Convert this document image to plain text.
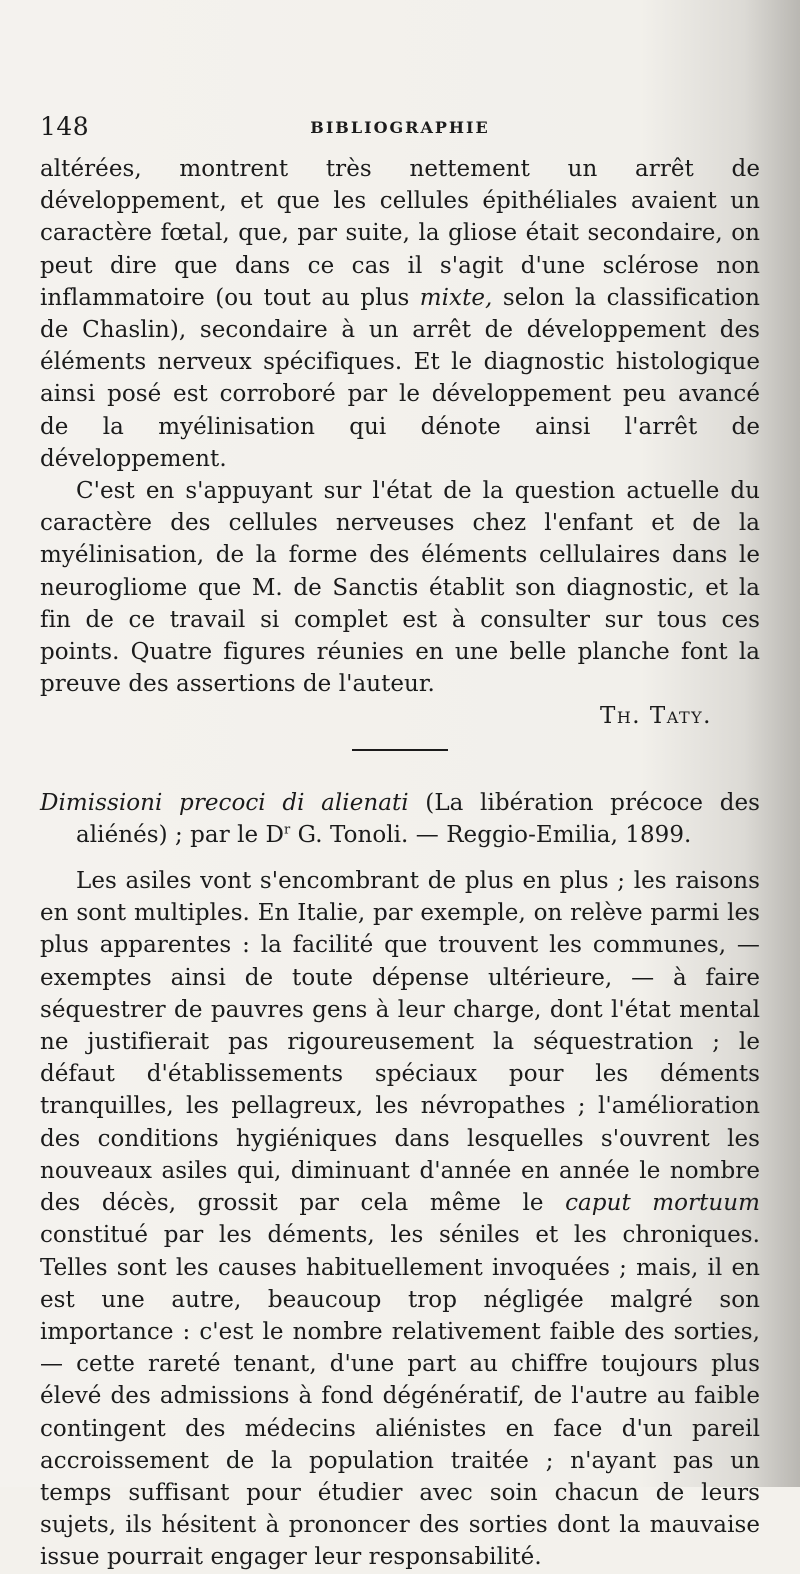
148	BIBLIOGRAPHIE

altérées, montrent très nettement un arrêt de développement, et que les cellules épithéliales avaient un caractère fœtal, que, par suite, la gliose était secondaire, on peut dire que dans ce cas il s'agit d'une sclérose non inflammatoire (ou tout au plus mixte, selon la classification de Chaslin), secondaire à un arrêt de développement des éléments nerveux spécifiques. Et le diagnostic histologique ainsi posé est corroboré par le développement peu avancé de la myélinisation qui dénote ainsi l'arrêt de développement.

C'est en s'appuyant sur l'état de la question actuelle du caractère des cellules nerveuses chez l'enfant et de la myélinisation, de la forme des éléments cellulaires dans le neurogliome que M. de Sanctis établit son diagnostic, et la fin de ce travail si complet est à consulter sur tous ces points. Quatre figures réunies en une belle planche font la preuve des assertions de l'auteur.

Th. Taty.

Dimissioni precoci di alienati (La libération précoce des aliénés) ; par le $D^r$ G. Tonoli. — Reggio-Emilia, 1899.

Les asiles vont s'encombrant de plus en plus ; les raisons en sont multiples. En Italie, par exemple, on relève parmi les plus apparentes : la facilité que trouvent les communes, — exemptes ainsi de toute dépense ultérieure, — à faire séquestrer de pauvres gens à leur charge, dont l'état mental ne justifierait pas rigoureusement la séquestration ; le défaut d'établissements spéciaux pour les déments tranquilles, les pellagreux, les névropathes ; l'amélioration des conditions hygiéniques dans lesquelles s'ouvrent les nouveaux asiles qui, diminuant d'année en année le nombre des décès, grossit par cela même le caput mortuum constitué par les déments, les séniles et les chroniques. Telles sont les causes habituellement invoquées ; mais, il en est une autre, beaucoup trop négligée malgré son importance : c'est le nombre relativement faible des sorties, — cette rareté tenant, d'une part au chiffre toujours plus élevé des admissions à fond dégénératif, de l'autre au faible contingent des médecins aliénistes en face d'un pareil accroissement de la population traitée ; n'ayant pas un temps suffisant pour étudier avec soin chacun de leurs sujets, ils hésitent à prononcer des sorties dont la mauvaise issue pourrait engager leur responsabilité.
